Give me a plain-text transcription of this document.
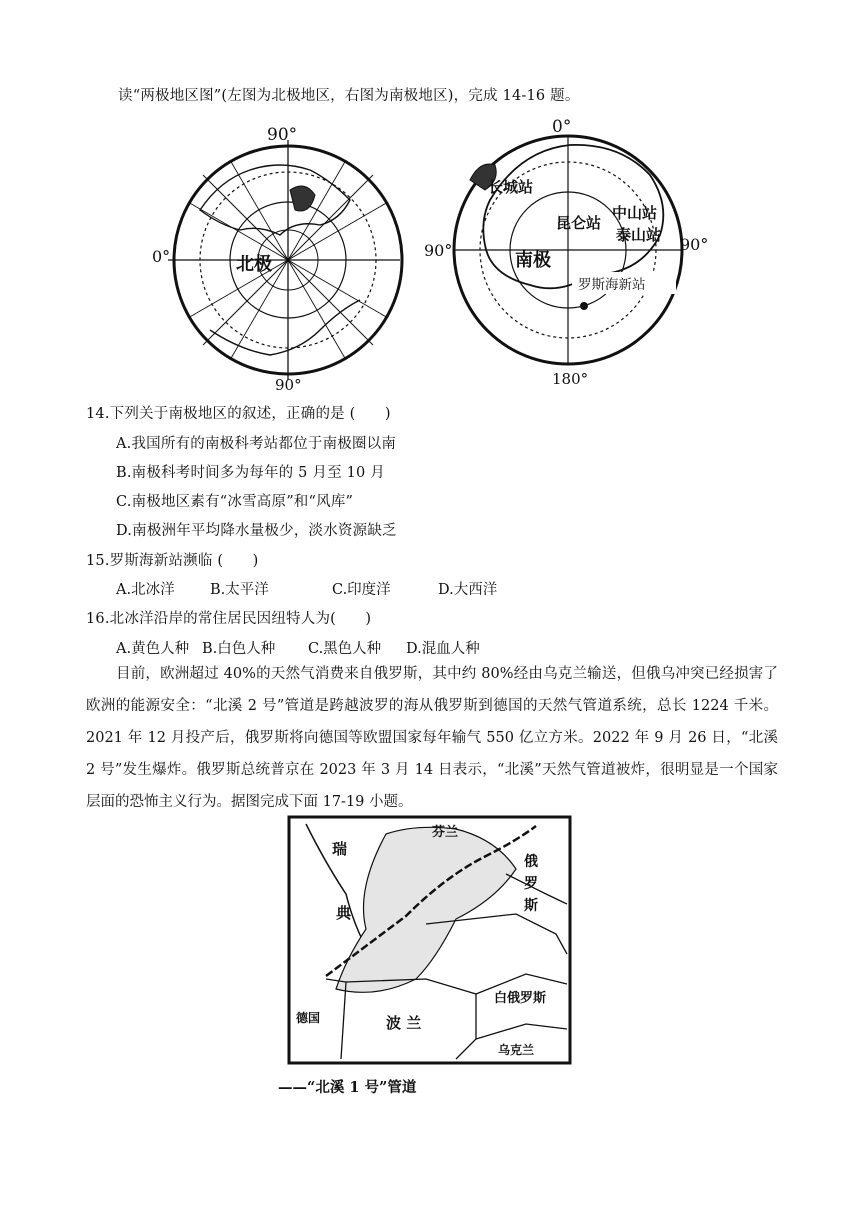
读“两极地区图”(左图为北极地区，右图为南极地区)，完成 14-16 题。
90°
90°
0°	北极
0°
180°
90°	90°
南极
长城站
昆仑站
中山站
泰山站
罗斯海新站
14.下列关于南极地区的叙述，正确的是 (　　)
A.我国所有的南极科考站都位于南极圈以南
B.南极科考时间多为每年的 5 月至 10 月
C.南极地区素有“冰雪高原”和“风库”
D.南极洲年平均降水量极少，淡水资源缺乏
15.罗斯海新站濒临 (　　)
A.北冰洋 B.太平洋	C.印度洋	D.大西洋
16.北冰洋沿岸的常住居民因纽特人为(　　)
A.黄色人种 B.白色人种 C.黑色人种 D.混血人种
目前，欧洲超过 40%的天然气消费来自俄罗斯，其中约 80%经由乌克兰输送，但俄乌冲突已经损害了欧洲的能源安全：“北溪 2 号”管道是跨越波罗的海从俄罗斯到德国的天然气管道系统，总长 1224 千米。2021 年 12 月投产后，俄罗斯将向德国等欧盟国家每年输气 550 亿立方米。2022 年 9 月 26 日，“北溪 2 号”发生爆炸。俄罗斯总统普京在 2023 年 3 月 14 日表示，“北溪”天然气管道被炸，很明显是一个国家层面的恐怖主义行为。据图完成下面 17-19 小题。
瑞
典
芬兰
俄
罗
斯
白俄罗斯
德国	波 兰
乌克兰
——“北溪 1 号”管道
